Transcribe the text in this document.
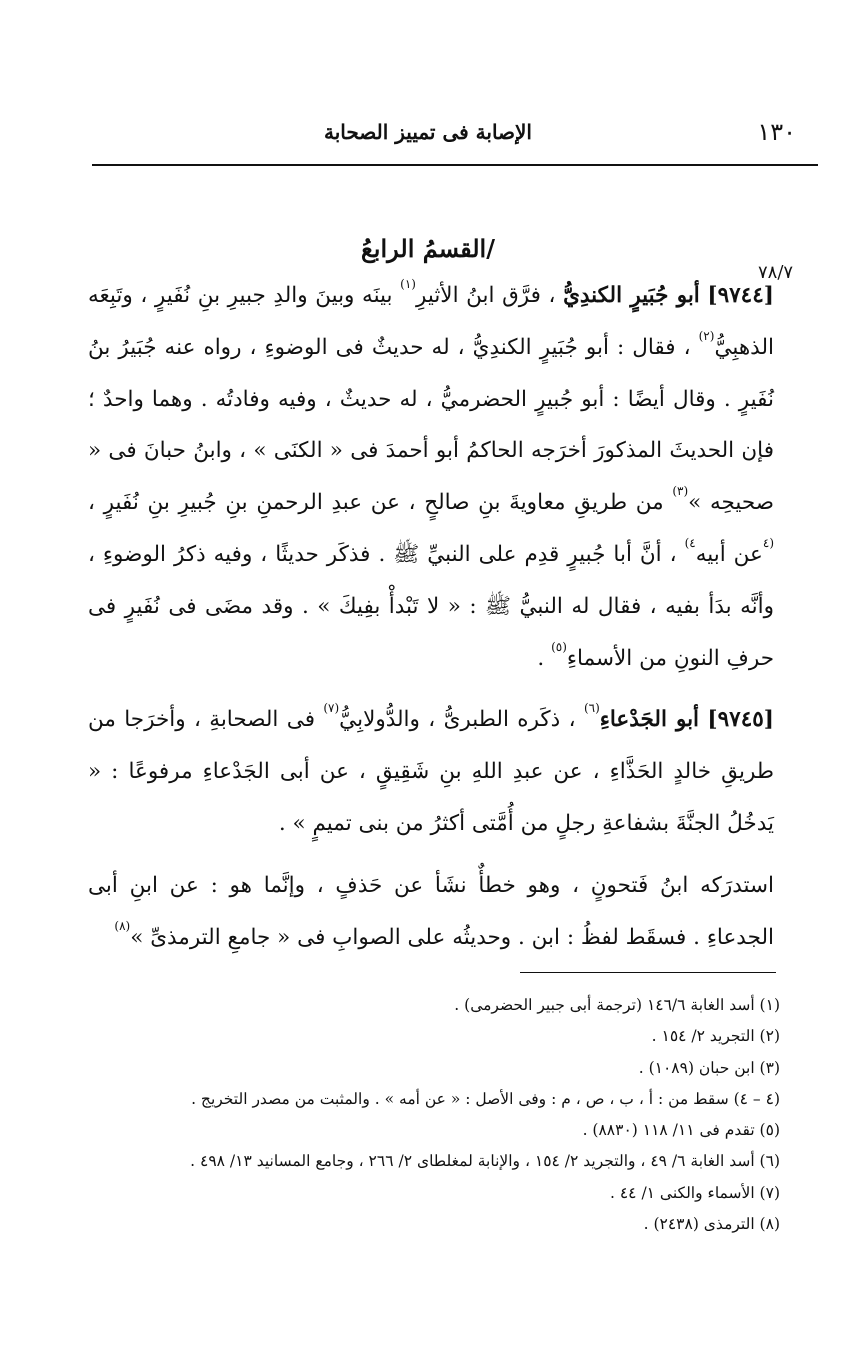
١٣٠
الإصابة فى تمييز الصحابة
٧٨/٧
/القسمُ الرابعُ

[٩٧٤٤] أبو جُبَيرٍ الكندِيُّ ، فرَّق ابنُ الأثيرِ$^{(١)}$ بينَه وبينَ والدِ جبيرِ بنِ نُفَيرٍ ، وتَبِعَه الذهبِيُّ$^{(٢)}$ ، فقال : أبو جُبَيرٍ الكندِيُّ ، له حديثٌ فى الوضوءِ ، رواه عنه جُبَيرُ بنُ نُفَيرٍ . وقال أيضًا : أبو جُبيرٍ الحضرميُّ ، له حديثٌ ، وفيه وفادتُه . وهما واحدٌ ؛ فإن الحديثَ المذكورَ أخرَجه الحاكمُ أبو أحمدَ فى « الكنَى » ، وابنُ حبانَ فى « صحيحِه »$^{(٣)}$ من طريقِ معاويةَ بنِ صالحٍ ، عن عبدِ الرحمنِ بنِ جُبيرِ بنِ نُفَيرٍ ، $^{(٤}$عن أبيه$^{٤)}$ ، أنَّ أبا جُبيرٍ قدِم على النبيِّ ﷺ . فذكَر حديثًا ، وفيه ذكرُ الوضوءِ ، وأنَّه بدَأ بفيه ، فقال له النبيُّ ﷺ : « لا تَبْدأْ بفِيكَ » . وقد مضَى فى نُفَيرٍ فى حرفِ النونِ من الأسماءِ$^{(٥)}$ .

[٩٧٤٥] أبو الجَدْعاءِ$^{(٦)}$ ، ذكَره الطبرىُّ ، والدُّولابِيُّ$^{(٧)}$ فى الصحابةِ ، وأخرَجا من طريقِ خالدٍ الحَذَّاءِ ، عن عبدِ اللهِ بنِ شَقِيقٍ ، عن أبى الجَدْعاءِ مرفوعًا : « يَدخُلُ الجنَّةَ بشفاعةِ رجلٍ من أُمَّتى أكثرُ من بنى تميمٍ » .

استدرَكه ابنُ فَتحونٍ ، وهو خطأٌ نشَأ عن حَذفٍ ، وإنَّما هو : عن ابنِ أبى الجدعاءِ . فسقَط لفظُ : ابن . وحديثُه على الصوابِ فى « جامعِ الترمذىِّ »$^{(٨)}$

(١) أسد الغابة ١٤٦/٦ (ترجمة أبى جبير الحضرمى) .
(٢) التجريد ٢/ ١٥٤ .
(٣) ابن حبان (١٠٨٩) .
(٤ – ٤) سقط من : أ ، ب ، ص ، م : وفى الأصل : « عن أمه » . والمثبت من مصدر التخريج .
(٥) تقدم فى ١١/ ١١٨ (٨٨٣٠) .
(٦) أسد الغابة ٦/ ٤٩ ، والتجريد ٢/ ١٥٤ ، والإنابة لمغلطاى ٢/ ٢٦٦ ، وجامع المسانيد ١٣/ ٤٩٨ .
(٧) الأسماء والكنى ١/ ٤٤ .
(٨) الترمذى (٢٤٣٨) .
